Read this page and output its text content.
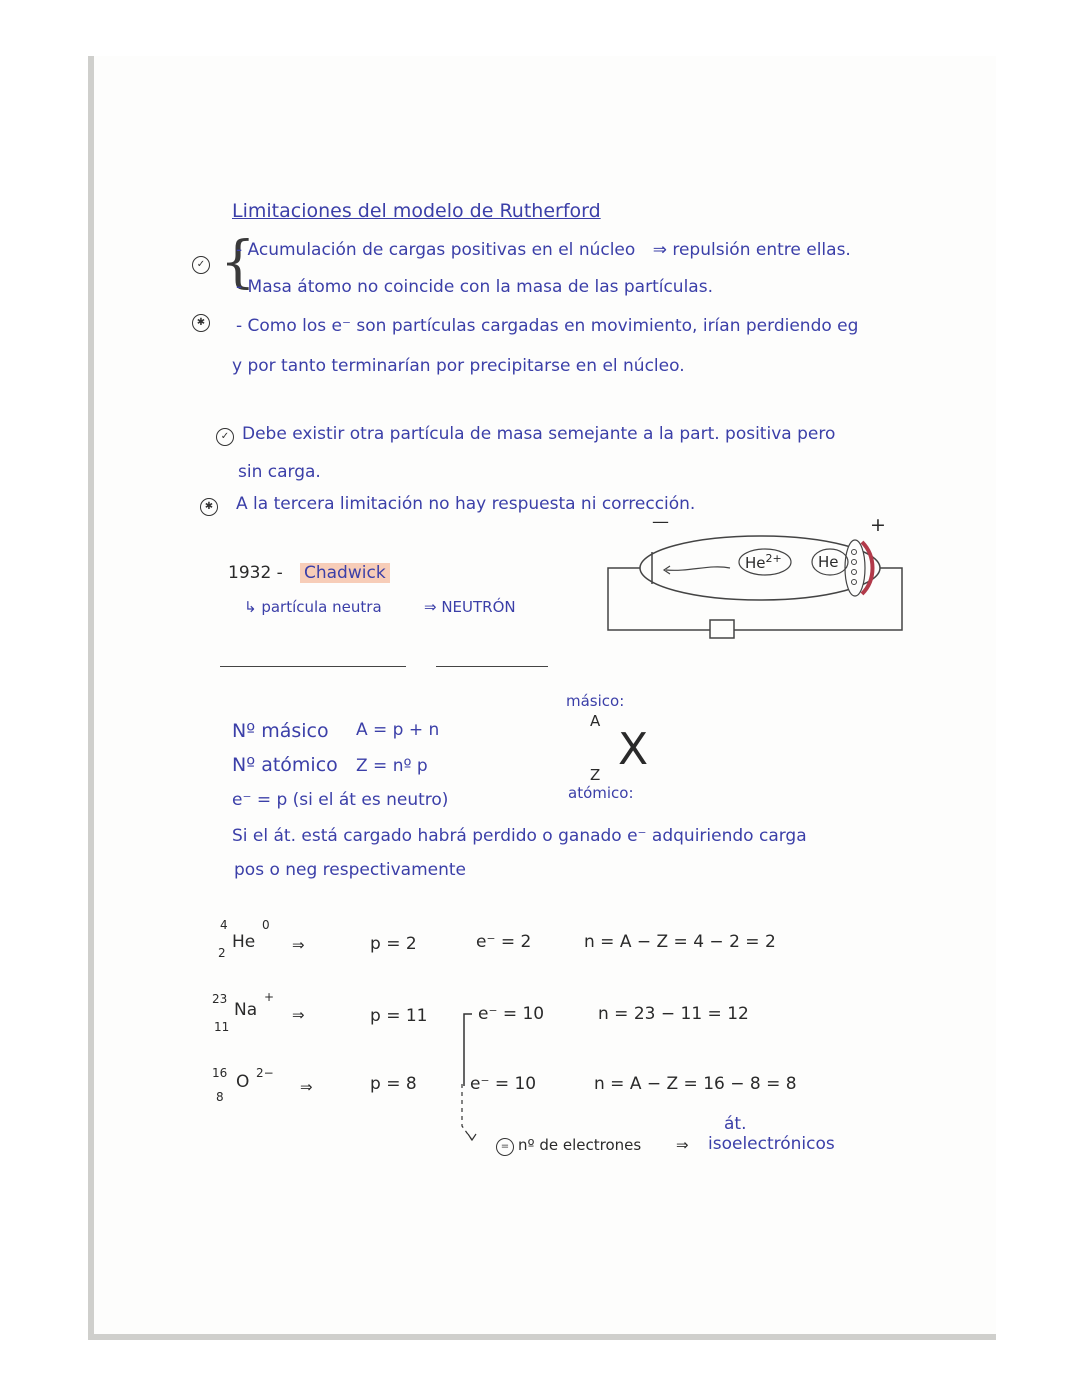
Limitaciones del modelo de Rutherford
{
✓
- Acumulación de cargas positivas en el núcleo ⇒ repulsión entre ellas.
- Masa átomo no coincide con la masa de las partículas.
✱ - Como los e⁻ son partículas cargadas en movimiento, irían perdiendo eg
y por tanto terminarían por precipitarse en el núcleo.
✓ Debe existir otra partícula de masa semejante a la part. positiva pero
sin carga.
✱ A la tercera limitación no hay respuesta ni corrección.
1932 - Chadwick
↳ partícula neutra	⇒ NEUTRÓN
—	+
$He^{2+}$ He
Nº másico A = p + n
Nº atómico Z = nº p
e⁻ = p (si el át es neutro)
Si el át. está cargado habrá perdido o ganado e⁻ adquiriendo carga
pos o neg respectivamente
másico:
A
X
Z
atómico:
4
2
He
0
⇒	p = 2	e⁻ = 2	n = A − Z = 4 − 2 = 2
23
11
Na
+
⇒	p = 11	e⁻ = 10	n = 23 − 11 = 12
16
8
O 2−
⇒	p = 8	e⁻ = 10	n = A − Z = 16 − 8 = 8
= nº de electrones ⇒
át.
isoelectrónicos
